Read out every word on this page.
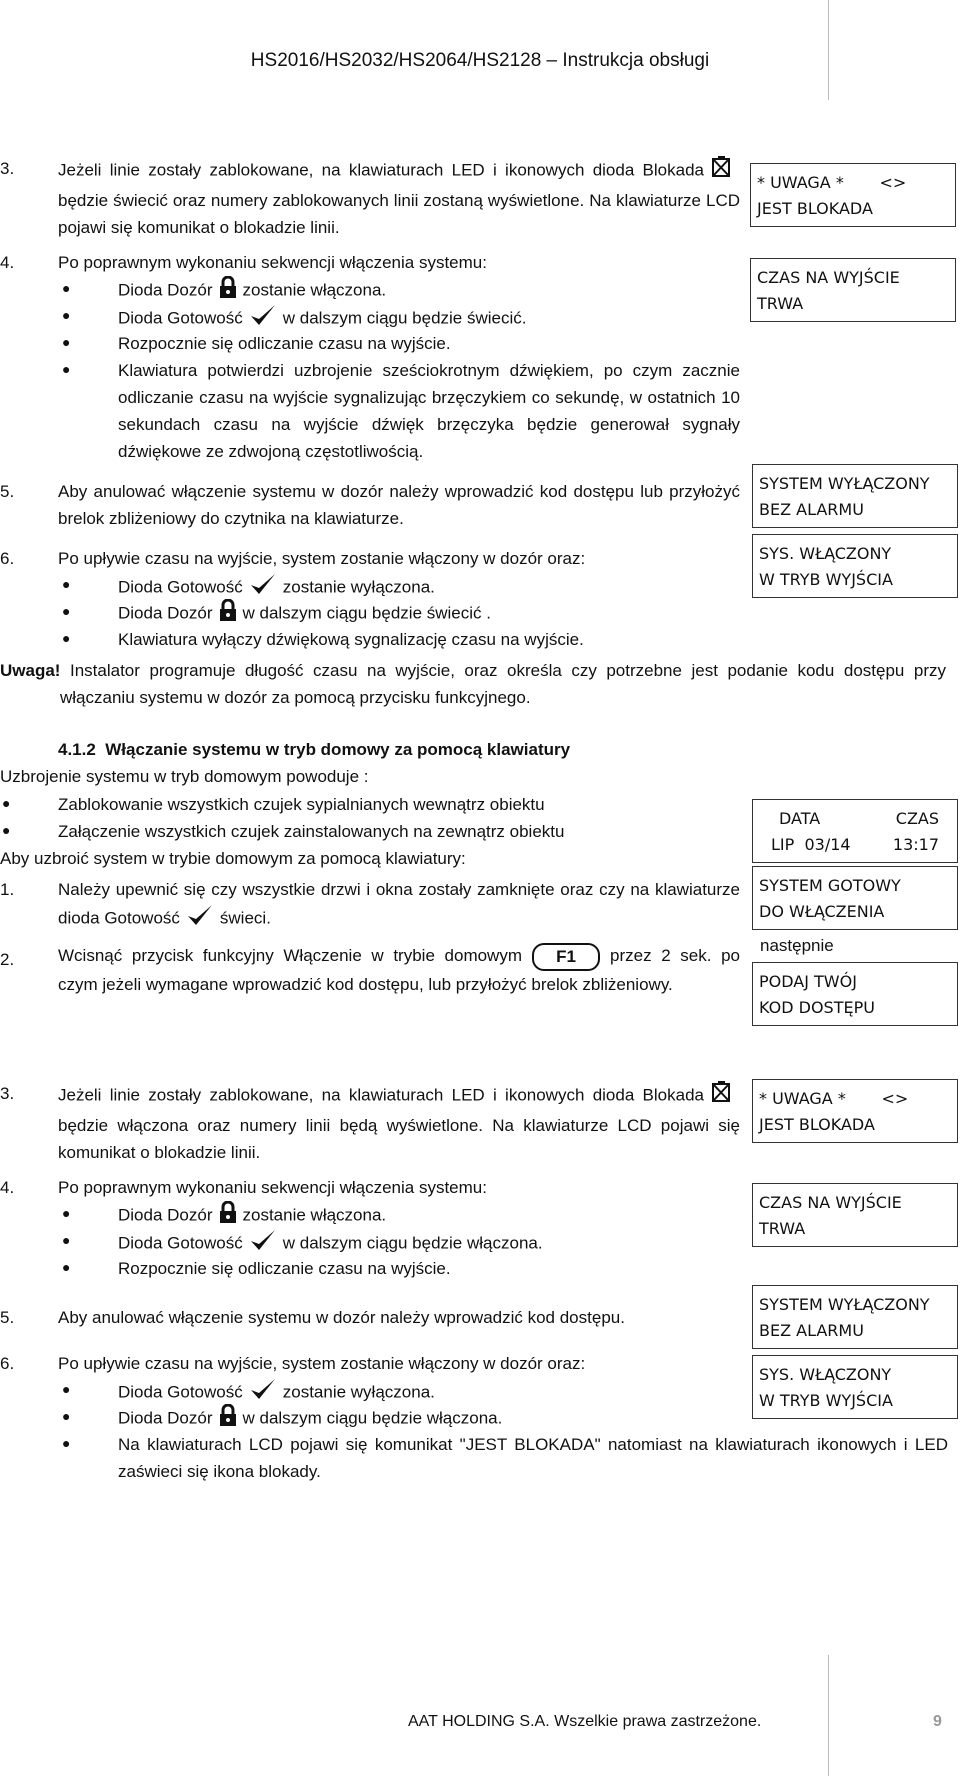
HS2016/HS2032/HS2064/HS2128 – Instrukcja obsługi
3.	Jeżeli linie zostały zablokowane, na klawiaturach LED i ikonowych dioda Blokadabędzie świecić oraz numery zablokowanych linii zostaną wyświetlone. Na klawiaturze LCD pojawi się komunikat o blokadzie linii.
4.	Po poprawnym wykonaniu sekwencji włączenia systemu:
●	Dioda Dozór zostanie włączona.
●	Dioda Gotowość w dalszym ciągu będzie świecić.
●	Rozpocznie się odliczanie czasu na wyjście.
●	Klawiatura potwierdzi uzbrojenie sześciokrotnym dźwiękiem, po czym zacznie odliczanie czasu na wyjście sygnalizując brzęczykiem co sekundę, w ostatnich 10 sekundach czasu na wyjście dźwięk brzęczyka będzie generował sygnały dźwiękowe ze zdwojoną częstotliwością.
5.	Aby anulować włączenie systemu w dozór należy wprowadzić kod dostępu lub przyłożyć brelok zbliżeniowy do czytnika na klawiaturze.
6.	Po upływie czasu na wyjście, system zostanie włączony w dozór oraz:
●	Dioda Gotowość zostanie wyłączona.
●	Dioda Dozór w dalszym ciągu będzie świecić .
●	Klawiatura wyłączy dźwiękową sygnalizację czasu na wyjście.
Uwaga! Instalator programuje długość czasu na wyjście, oraz określa czy potrzebne jest podanie kodu dostępu przy włączaniu systemu w dozór za pomocą przycisku funkcyjnego.
* UWAGA *       <>
JEST BLOKADA
CZAS NA WYJŚCIE
TRWA
SYSTEM WYŁĄCZONY
BEZ ALARMU
SYS. WŁĄCZONY
W TRYB WYJŚCIA
4.1.2 Włączanie systemu w tryb domowy za pomocą klawiatury
Uzbrojenie systemu w tryb domowym powoduje :
●	Zablokowanie wszystkich czujek sypialnianych wewnątrz obiektu
●	Załączenie wszystkich czujek zainstalowanych na zewnątrz obiektu
Aby uzbroić system w trybie domowym za pomocą klawiatury:
1.	Należy upewnić się czy wszystkie drzwi i okna zostały zamknięte oraz czy na klawiaturze dioda Gotowość świeci.
2.	Wcisnąć przycisk funkcyjny Włączenie w trybie domowym F1 przez 2 sek. po czym jeżeli wymagane wprowadzić kod dostępu, lub przyłożyć brelok zbliżeniowy.
DATA	CZAS
LIP  03/14	13:17
SYSTEM GOTOWY
DO WŁĄCZENIA
następnie
PODAJ TWÓJ
KOD DOSTĘPU
3.	Jeżeli linie zostały zablokowane, na klawiaturach LED i ikonowych dioda Blokadabędzie włączona oraz numery linii będą wyświetlone. Na klawiaturze LCD pojawi się komunikat o blokadzie linii.
4.	Po poprawnym wykonaniu sekwencji włączenia systemu:
●	Dioda Dozór zostanie włączona.
●	Dioda Gotowość w dalszym ciągu będzie włączona.
●	Rozpocznie się odliczanie czasu na wyjście.
5.	Aby anulować włączenie systemu w dozór należy wprowadzić kod dostępu.
6.	Po upływie czasu na wyjście, system zostanie włączony w dozór oraz:
●	Dioda Gotowość zostanie wyłączona.
●	Dioda Dozór w dalszym ciągu będzie włączona.
●	Na klawiaturach LCD pojawi się komunikat "JEST BLOKADA" natomiast na klawiaturach ikonowych i LED zaświeci się ikona blokady.
* UWAGA *       <>
JEST BLOKADA
CZAS NA WYJŚCIE
TRWA
SYSTEM WYŁĄCZONY
BEZ ALARMU
SYS. WŁĄCZONY
W TRYB WYJŚCIA
AAT HOLDING S.A. Wszelkie prawa zastrzeżone.	9
